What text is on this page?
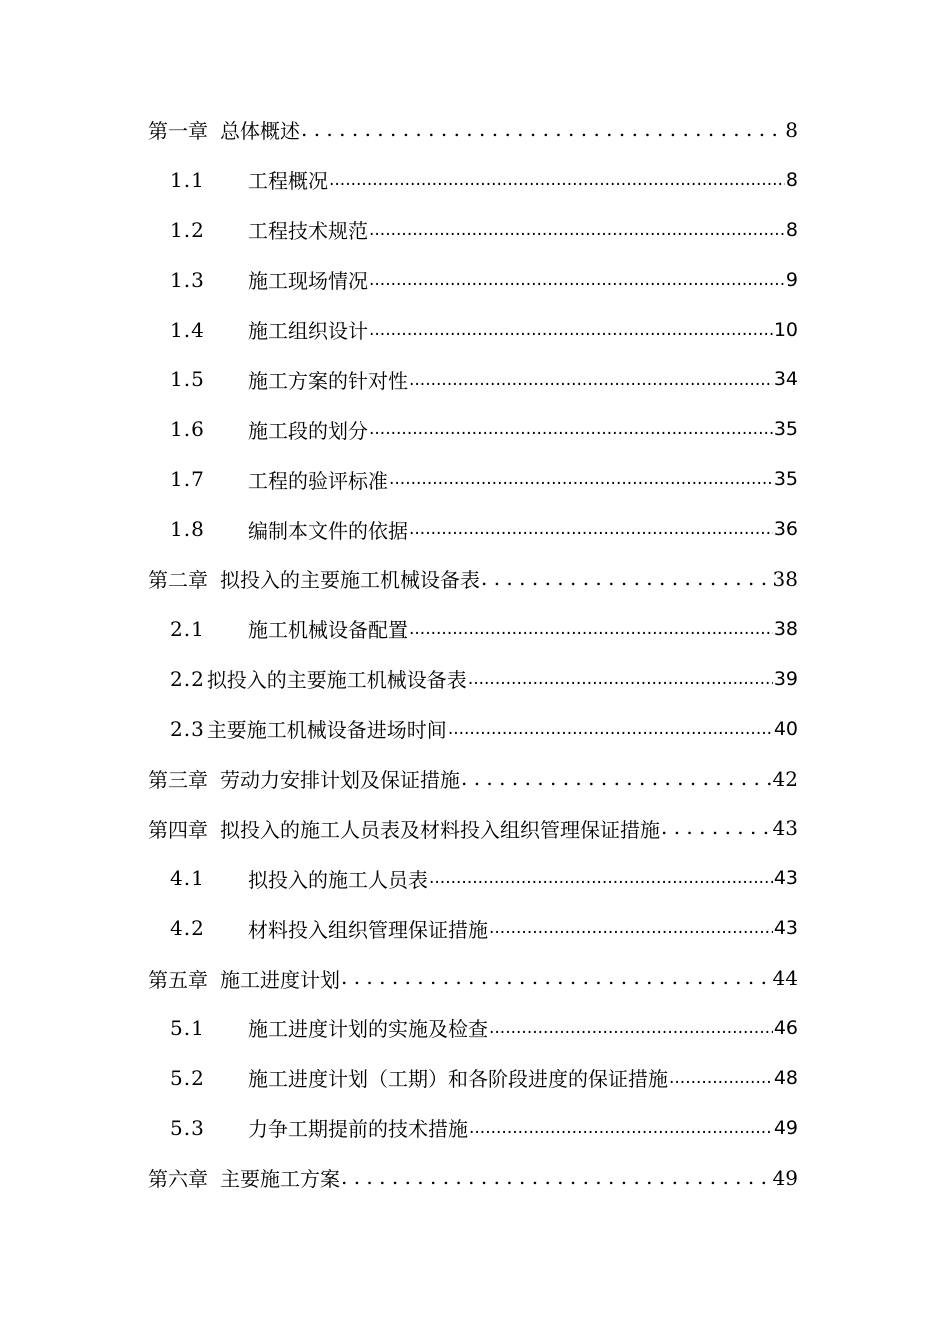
第一章 总体概述 . . .	8
1.1	工程概况 .....	8
1.2	工程技术规范 .....	8
1.3	施工现场情况 .....	9
1.4	施工组织设计 .....	10
1.5	施工方案的针对性 .....	34
1.6	施工段的划分 .....	35
1.7	工程的验评标准 .....	35
1.8	编制本文件的依据 .....	36
第二章 拟投入的主要施工机械设备表 . . .	38
2.1	施工机械设备配置 .....	38
2.2 拟投入的主要施工机械设备表 .....	39
2.3 主要施工机械设备进场时间 .....	40
第三章 劳动力安排计划及保证措施 . . .	42
第四章 拟投入的施工人员表及材料投入组织管理保证措施 . . .	43
4.1	拟投入的施工人员表 .....	43
4.2	材料投入组织管理保证措施 .....	43
第五章 施工进度计划 . . .	44
5.1	施工进度计划的实施及检查 .....	46
5.2	施工进度计划（工期）和各阶段进度的保证措施 .....	48
5.3	力争工期提前的技术措施 .....	49
第六章 主要施工方案 . . .	49
